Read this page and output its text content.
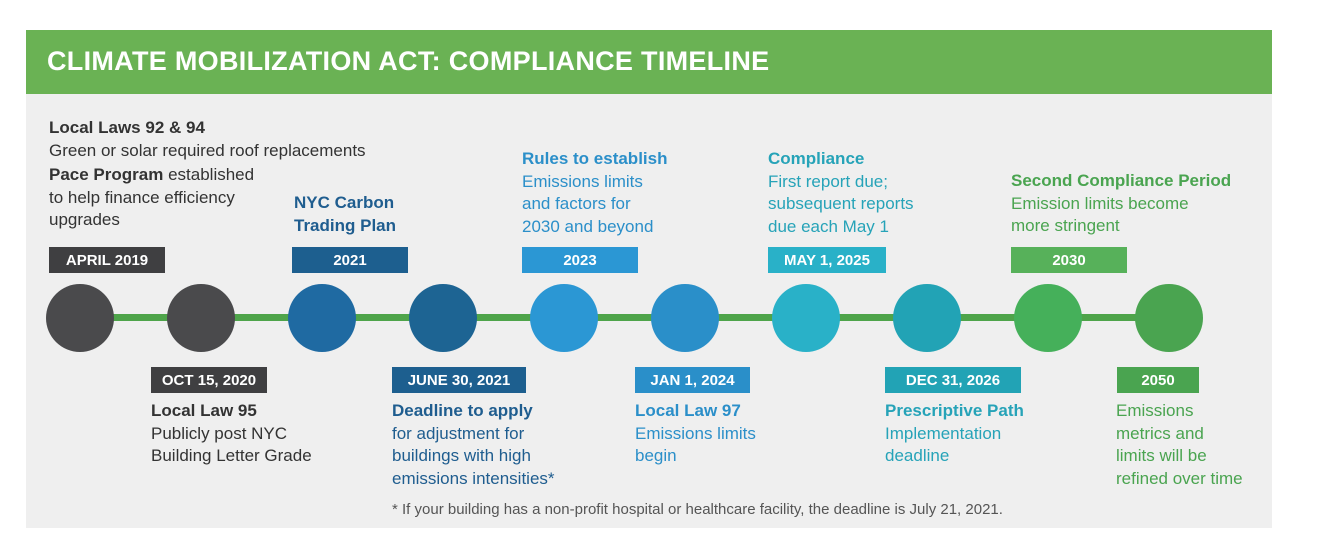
CLIMATE MOBILIZATION ACT: COMPLIANCE TIMELINE
APRIL 2019	2021	2023	MAY 1, 2025	2030
OCT 15, 2020	JUNE 30, 2021	JAN 1, 2024	DEC 31, 2026	2050
Local Laws 92 & 94
Green or solar required roof replacements
Pace Program established
to help finance efficiency
upgrades
NYC Carbon
Trading Plan
Rules to establish
Emissions limits
and factors for
2030 and beyond
Compliance
First report due;
subsequent reports
due each May 1
Second Compliance Period
Emission limits become
more stringent
Local Law 95
Publicly post NYC
Building Letter Grade
Deadline to apply
for adjustment for
buildings with high
emissions intensities*
Local Law 97
Emissions limits
begin
Prescriptive Path
Implementation
deadline
Emissions
metrics and
limits will be
refined over time
* If your building has a non-profit hospital or healthcare facility, the deadline is July 21, 2021.
